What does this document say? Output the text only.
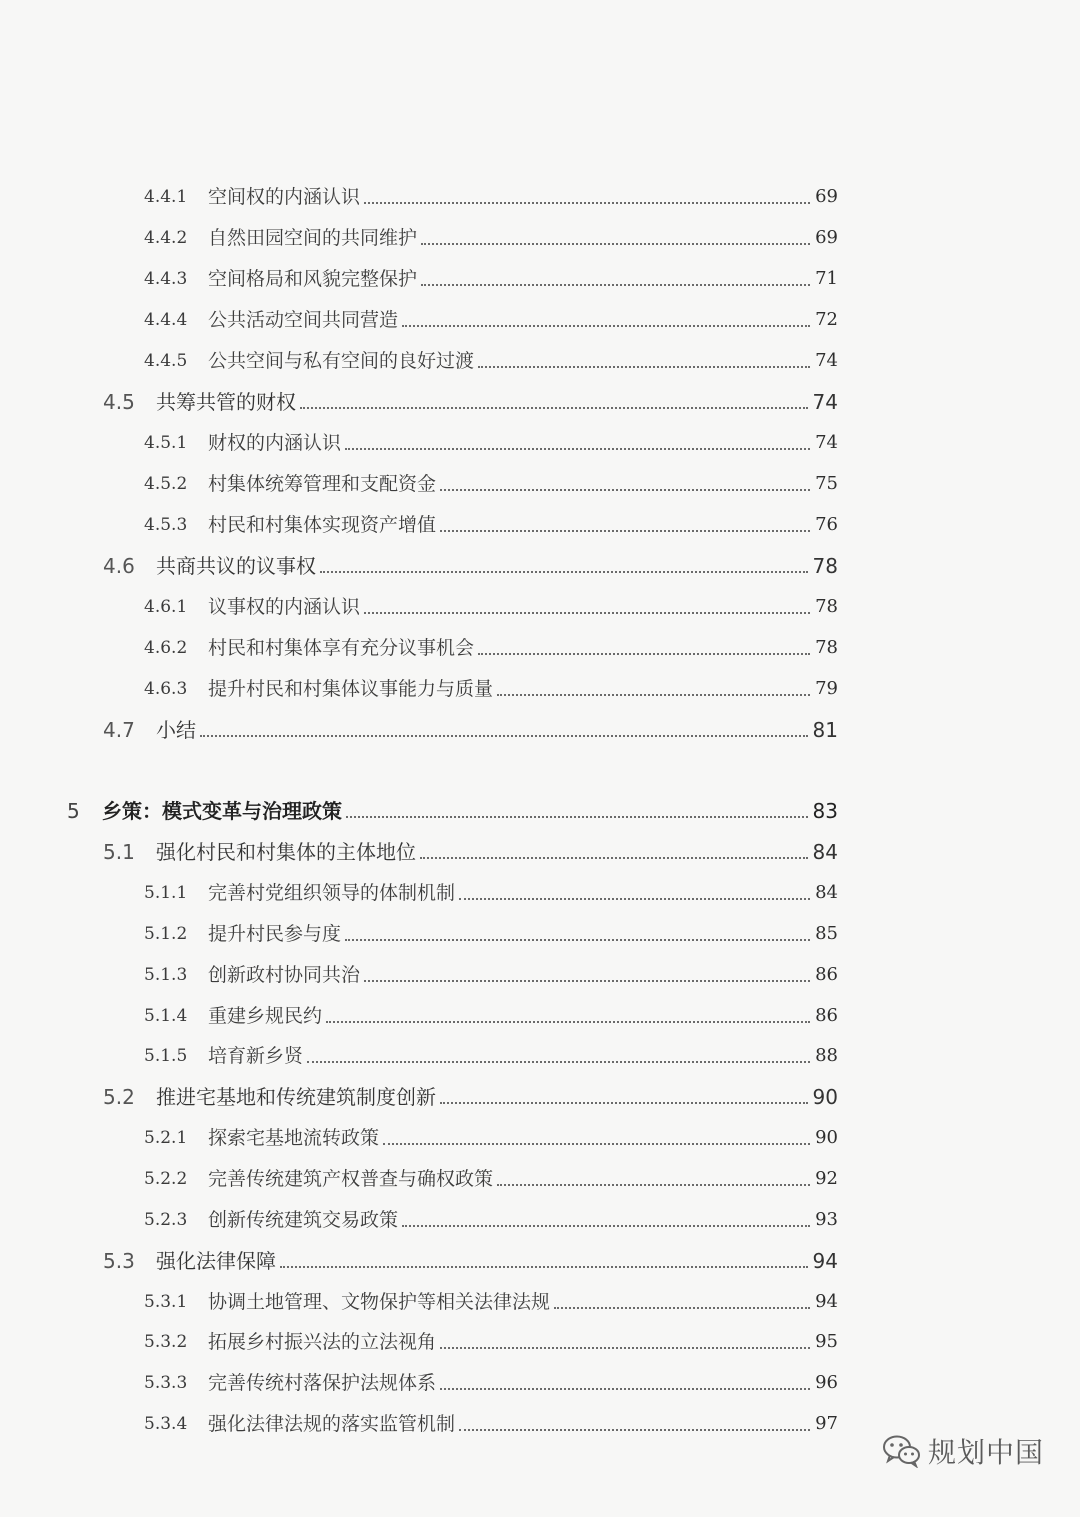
4.4.1 空间权的内涵认识	69
4.4.2 自然田园空间的共同维护	69
4.4.3 空间格局和风貌完整保护	71
4.4.4 公共活动空间共同营造	72
4.4.5 公共空间与私有空间的良好过渡	74
4.5 共筹共管的财权	74
4.5.1 财权的内涵认识	74
4.5.2 村集体统筹管理和支配资金	75
4.5.3 村民和村集体实现资产增值	76
4.6 共商共议的议事权	78
4.6.1 议事权的内涵认识	78
4.6.2 村民和村集体享有充分议事机会	78
4.6.3 提升村民和村集体议事能力与质量	79
4.7 小结	81
5 乡策：模式变革与治理政策	83
5.1 强化村民和村集体的主体地位	84
5.1.1 完善村党组织领导的体制机制	84
5.1.2 提升村民参与度	85
5.1.3 创新政村协同共治	86
5.1.4 重建乡规民约	86
5.1.5 培育新乡贤	88
5.2 推进宅基地和传统建筑制度创新	90
5.2.1 探索宅基地流转政策	90
5.2.2 完善传统建筑产权普查与确权政策	92
5.2.3 创新传统建筑交易政策	93
5.3 强化法律保障	94
5.3.1 协调土地管理、文物保护等相关法律法规	94
5.3.2 拓展乡村振兴法的立法视角	95
5.3.3 完善传统村落保护法规体系	96
5.3.4 强化法律法规的落实监管机制	97
规划中国
